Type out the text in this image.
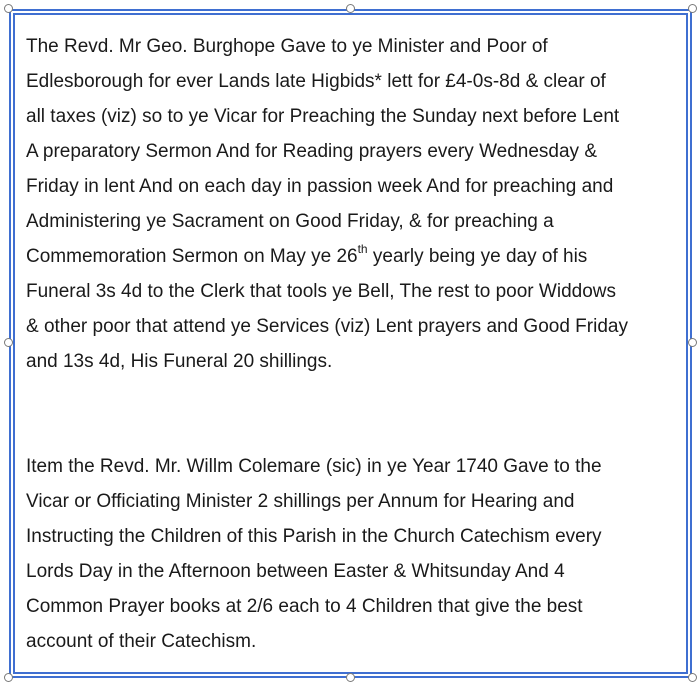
The Revd. Mr Geo. Burghope Gave to ye Minister and Poor of
Edlesborough for ever Lands late Higbids* lett for £4-0s-8d & clear of
all taxes (viz) so to ye Vicar for Preaching the Sunday next before Lent
A preparatory Sermon And for Reading prayers every Wednesday &
Friday in lent And on each day in passion week And for preaching and
Administering ye Sacrament on Good Friday, & for preaching a
Commemoration Sermon on May ye 26th yearly being ye day of his
Funeral 3s 4d to the Clerk that tools ye Bell, The rest to poor Widdows
& other poor that attend ye Services (viz) Lent prayers and Good Friday
and 13s 4d, His Funeral 20 shillings.

Item the Revd. Mr. Willm Colemare (sic) in ye Year 1740 Gave to the
Vicar or Officiating Minister 2 shillings per Annum for Hearing and
Instructing the Children of this Parish in the Church Catechism every
Lords Day in the Afternoon between Easter & Whitsunday And 4
Common Prayer books at 2/6 each to 4 Children that give the best
account of their Catechism.
